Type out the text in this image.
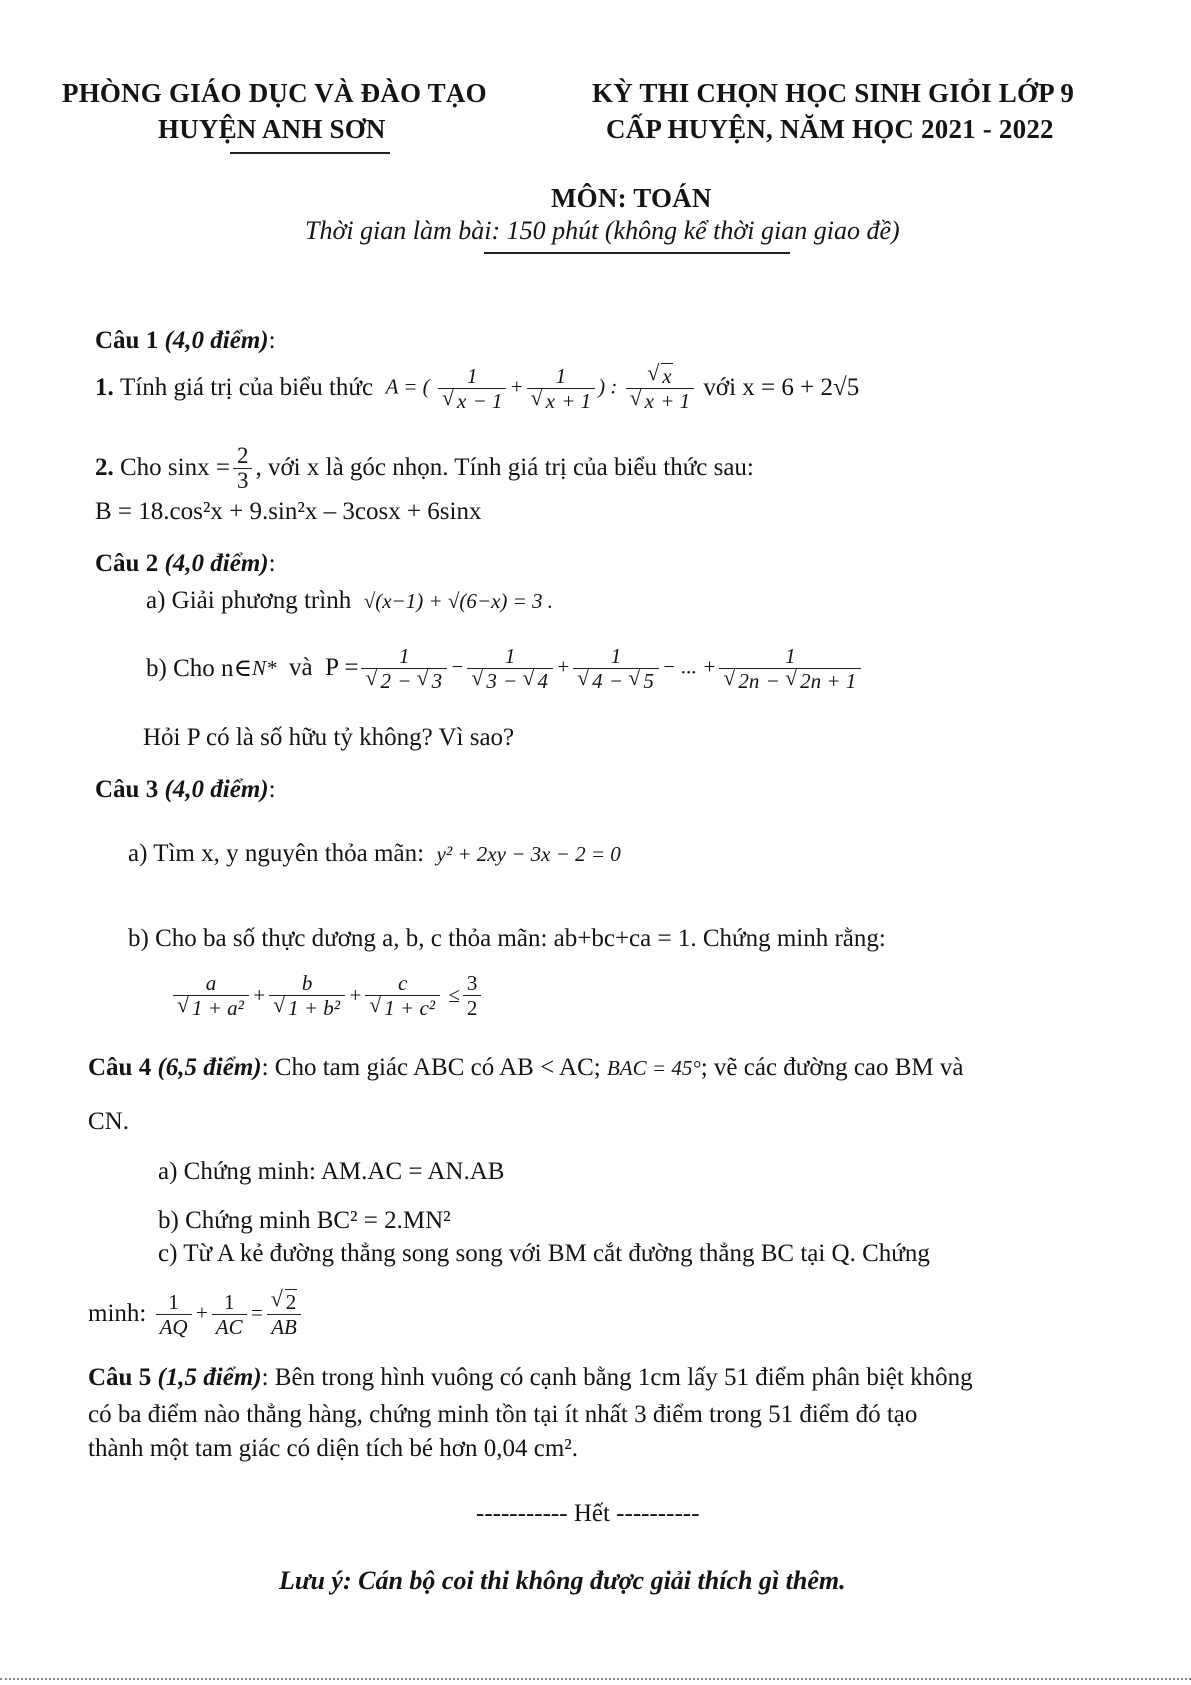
PHÒNG GIÁO DỤC VÀ ĐÀO TẠO
HUYỆN ANH SƠN
KỲ THI CHỌN HỌC SINH GIỎI LỚP 9
CẤP HUYỆN, NĂM HỌC 2021 - 2022
MÔN: TOÁN
Thời gian làm bài: 150 phút (không kể thời gian giao đề)
Câu 1 (4,0 điểm):
1.
Tính giá trị của biểu thức
A = ( 1
√ x − 1 + 1
√ x + 1 ) : √ x
√ x + 1
với
x = 6 + 2√5
2.
Cho $\sin x = \frac{2}{3}$ , với x là góc nhọn. Tính giá trị của biểu thức sau:
B = 18.cos²x + 9.sin²x – 3cosx + 6sinx
Câu 2 (4,0 điểm):
a) Giải phương trình √(x−1) + √(6−x) = 3 .
b) Cho n∈ N*
và
P = 1
√ 2 − √ 3 − 1
√ 3 − √ 4 + 1
√ 4 − √ 5 − ... + 1
√ 2n − √ 2n + 1
Hỏi P có là số hữu tỷ không? Vì sao?
Câu 3 (4,0 điểm):
a) Tìm x, y nguyên thỏa mãn: y² + 2xy − 3x − 2 = 0
b) Cho ba số thực dương a, b, c thỏa mãn: ab+bc+ca = 1. Chứng minh rằng:
a
√ 1 + a² + b
√ 1 + b² + c
√ $1 + c^2 \le \frac{3}{2}$
Câu 4 (6,5 điểm): Cho tam giác ABC có AB < AC; BAC = 45°; vẽ các đường cao BM và
CN.
a) Chứng minh: AM.AC = AN.AB
b) Chứng minh BC² = 2.MN²
c) Từ A kẻ đường thẳng song song với BM cắt đường thẳng BC tại Q. Chứng
minh:
$\frac{1}{AQ} + \frac{1}{AC}$ = √ $\frac{2}{AB}$
Câu 5 (1,5 điểm): Bên trong hình vuông có cạnh bằng 1cm lấy 51 điểm phân biệt không
có ba điểm nào thẳng hàng, chứng minh tồn tại ít nhất 3 điểm trong 51 điểm đó tạo
thành một tam giác có diện tích bé hơn 0,04 cm².
----------- Hết ----------
Lưu ý: Cán bộ coi thi không được giải thích gì thêm.
